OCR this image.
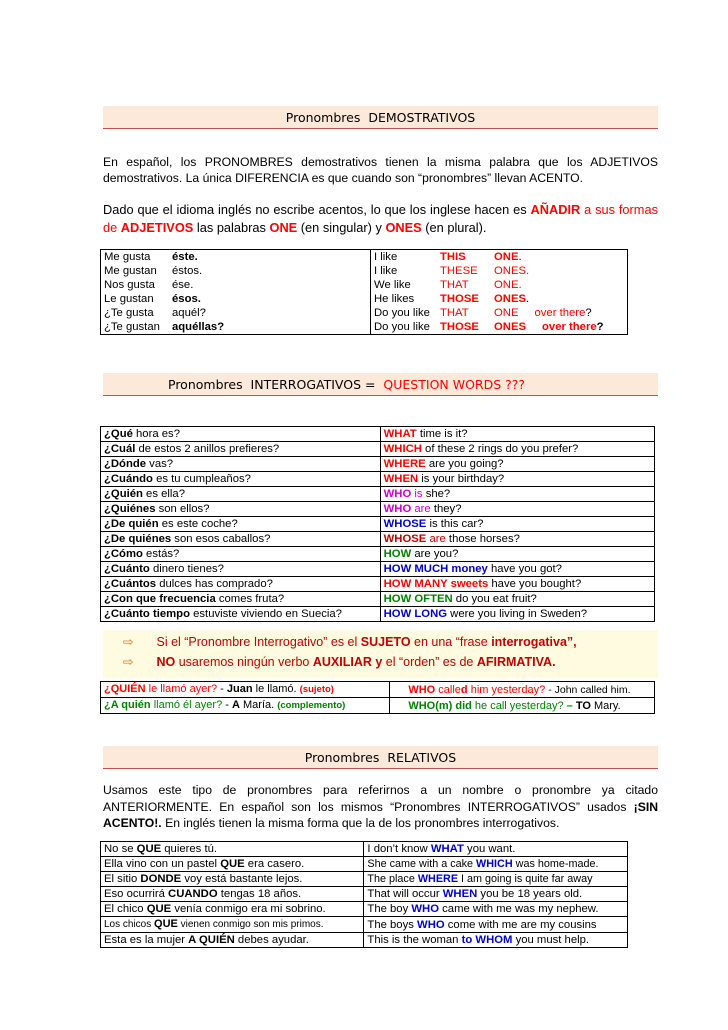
Pronombres
DEMOSTRATIVOS
En español, los PRONOMBRES demostrativos tienen la misma palabra que los ADJETIVOS demostrativos. La única DIFERENCIA es que cuando son “pronombres” llevan ACENTO.
Dado que el idioma inglés no escribe acentos, lo que los inglese hacen es AÑADIR a sus formas de ADJETIVOS las palabras ONE (en singular) y ONES (en plural).
Me gusta	éste.	I like	THIS	ONE.
Me gustan	éstos.	I like	THESE	ONES.
Nos gusta	ése.	We like	THAT	ONE.
Le gustan	ésos.	He likes	THOSE	ONES.
¿Te gusta	aquél?	Do you like	THAT	ONE over there?
¿Te gustan	aquéllas?	Do you like	THOSE	ONES over there?
Pronombres
INTERROGATIVOS =
QUESTION WORDS ???
¿Qué hora es?	WHAT time is it?
¿Cuál de estos 2 anillos prefieres?	WHICH of these 2 rings do you prefer?
¿Dónde vas?	WHERE are you going?
¿Cuándo es tu cumpleaños?	WHEN is your birthday?
¿Quién es ella?	WHO is she?
¿Quiénes son ellos?	WHO are they?
¿De quién es este coche?	WHOSE is this car?
¿De quiénes son esos caballos?	WHOSE are those horses?
¿Cómo estás?	HOW are you?
¿Cuánto dinero tienes?	HOW MUCH money have you got?
¿Cuántos dulces has comprado?	HOW MANY sweets have you bought?
¿Con que frecuencia comes fruta?	HOW OFTEN do you eat fruit?
¿Cuánto tiempo estuviste viviendo en Suecia?	HOW LONG were you living in Sweden?
⇨ Si el “Pronombre Interrogativo” es el SUJETO en una “frase interrogativa”,
⇨ NO usaremos ningún verbo AUXILIAR y el “orden” es de AFIRMATIVA.
¿QUIÉN le llamó ayer? - Juan le llamó. (sujeto)	WHO called him yesterday? - John called him.
¿A quién llamó él ayer? - A María. (complemento)	WHO(m) did he call yesterday? – TO Mary.
Pronombres
RELATIVOS
Usamos este tipo de pronombres para referirnos a un nombre o pronombre ya citado ANTERIORMENTE. En español son los mismos “Pronombres INTERROGATIVOS” usados ¡SIN ACENTO!. En inglés tienen la misma forma que la de los pronombres interrogativos.
No se QUE quieres tú.	I don’t know WHAT you want.
Ella vino con un pastel QUE era casero.	She came with a cake WHICH was home-made.
El sitio DONDE voy está bastante lejos.	The place WHERE I am going is quite far away
Eso ocurrirá CUANDO tengas 18 años.	That will occur WHEN you be 18 years old.
El chico QUE venía conmigo era mi sobrino.	The boy WHO came with me was my nephew.
Los chicos QUE vienen conmigo son mis primos.	The boys WHO come with me are my cousins
Esta es la mujer A QUIÉN debes ayudar.	This is the woman to WHOM you must help.
